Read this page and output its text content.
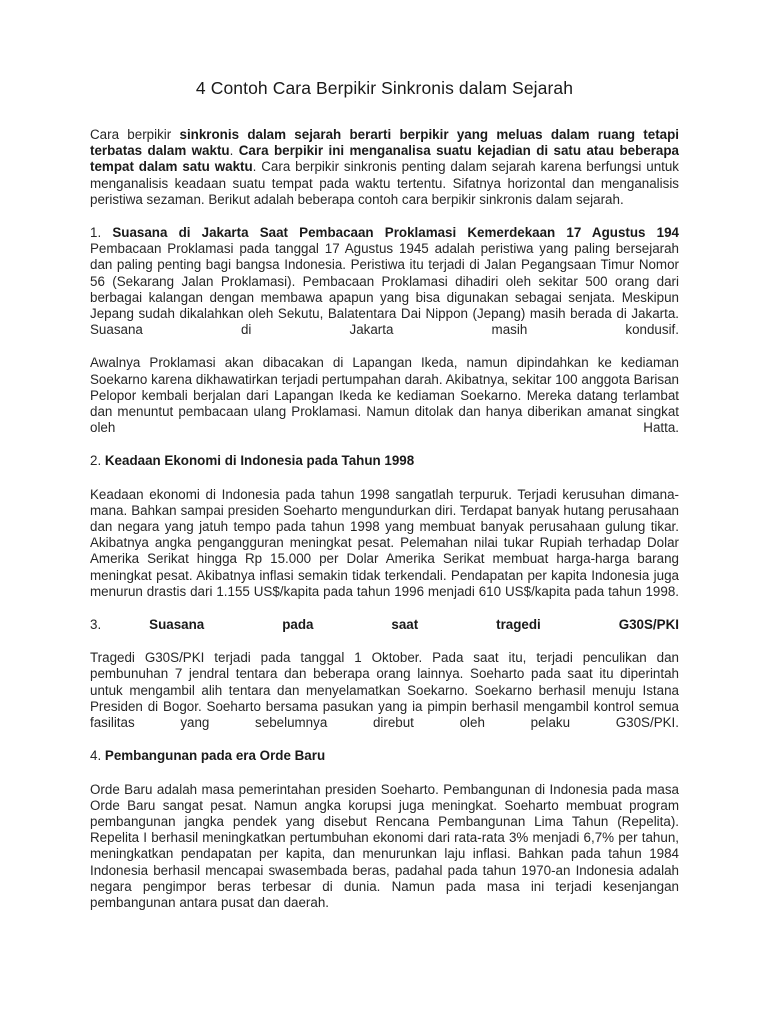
4 Contoh Cara Berpikir Sinkronis dalam Sejarah

Cara berpikir sinkronis dalam sejarah berarti berpikir yang meluas dalam ruang tetapi terbatas dalam waktu. Cara berpikir ini menganalisa suatu kejadian di satu atau beberapa tempat dalam satu waktu. Cara berpikir sinkronis penting dalam sejarah karena berfungsi untuk menganalisis keadaan suatu tempat pada waktu tertentu. Sifatnya horizontal dan menganalisis peristiwa sezaman. Berikut adalah beberapa contoh cara berpikir sinkronis dalam sejarah.

1. Suasana di Jakarta Saat Pembacaan Proklamasi Kemerdekaan 17 Agustus 194

Pembacaan Proklamasi pada tanggal 17 Agustus 1945 adalah peristiwa yang paling bersejarah dan paling penting bagi bangsa Indonesia. Peristiwa itu terjadi di Jalan Pegangsaan Timur Nomor 56 (Sekarang Jalan Proklamasi). Pembacaan Proklamasi dihadiri oleh sekitar 500 orang dari berbagai kalangan dengan membawa apapun yang bisa digunakan sebagai senjata. Meskipun Jepang sudah dikalahkan oleh Sekutu, Balatentara Dai Nippon (Jepang) masih berada di Jakarta. Suasana di Jakarta masih kondusif.

Awalnya Proklamasi akan dibacakan di Lapangan Ikeda, namun dipindahkan ke kediaman Soekarno karena dikhawatirkan terjadi pertumpahan darah. Akibatnya, sekitar 100 anggota Barisan Pelopor kembali berjalan dari Lapangan Ikeda ke kediaman Soekarno. Mereka datang terlambat dan menuntut pembacaan ulang Proklamasi. Namun ditolak dan hanya diberikan amanat singkat oleh Hatta.

2. Keadaan Ekonomi di Indonesia pada Tahun 1998

Keadaan ekonomi di Indonesia pada tahun 1998 sangatlah terpuruk. Terjadi kerusuhan dimana-mana. Bahkan sampai presiden Soeharto mengundurkan diri. Terdapat banyak hutang perusahaan dan negara yang jatuh tempo pada tahun 1998 yang membuat banyak perusahaan gulung tikar. Akibatnya angka pengangguran meningkat pesat. Pelemahan nilai tukar Rupiah terhadap Dolar Amerika Serikat hingga Rp 15.000 per Dolar Amerika Serikat membuat harga-harga barang meningkat pesat. Akibatnya inflasi semakin tidak terkendali. Pendapatan per kapita Indonesia juga menurun drastis dari 1.155 US$/kapita pada tahun 1996 menjadi 610 US$/kapita pada tahun 1998.

3.	Suasana	pada	saat	tragedi	G30S/PKI

Tragedi G30S/PKI terjadi pada tanggal 1 Oktober. Pada saat itu, terjadi penculikan dan pembunuhan 7 jendral tentara dan beberapa orang lainnya. Soeharto pada saat itu diperintah untuk mengambil alih tentara dan menyelamatkan Soekarno. Soekarno berhasil menuju Istana Presiden di Bogor. Soeharto bersama pasukan yang ia pimpin berhasil mengambil kontrol semua fasilitas yang sebelumnya direbut oleh pelaku G30S/PKI.

4. Pembangunan pada era Orde Baru

Orde Baru adalah masa pemerintahan presiden Soeharto. Pembangunan di Indonesia pada masa Orde Baru sangat pesat. Namun angka korupsi juga meningkat. Soeharto membuat program pembangunan jangka pendek yang disebut Rencana Pembangunan Lima Tahun (Repelita). Repelita I berhasil meningkatkan pertumbuhan ekonomi dari rata-rata 3% menjadi 6,7% per tahun, meningkatkan pendapatan per kapita, dan menurunkan laju inflasi. Bahkan pada tahun 1984 Indonesia berhasil mencapai swasembada beras, padahal pada tahun 1970-an Indonesia adalah negara pengimpor beras terbesar di dunia. Namun pada masa ini terjadi kesenjangan pembangunan antara pusat dan daerah.
